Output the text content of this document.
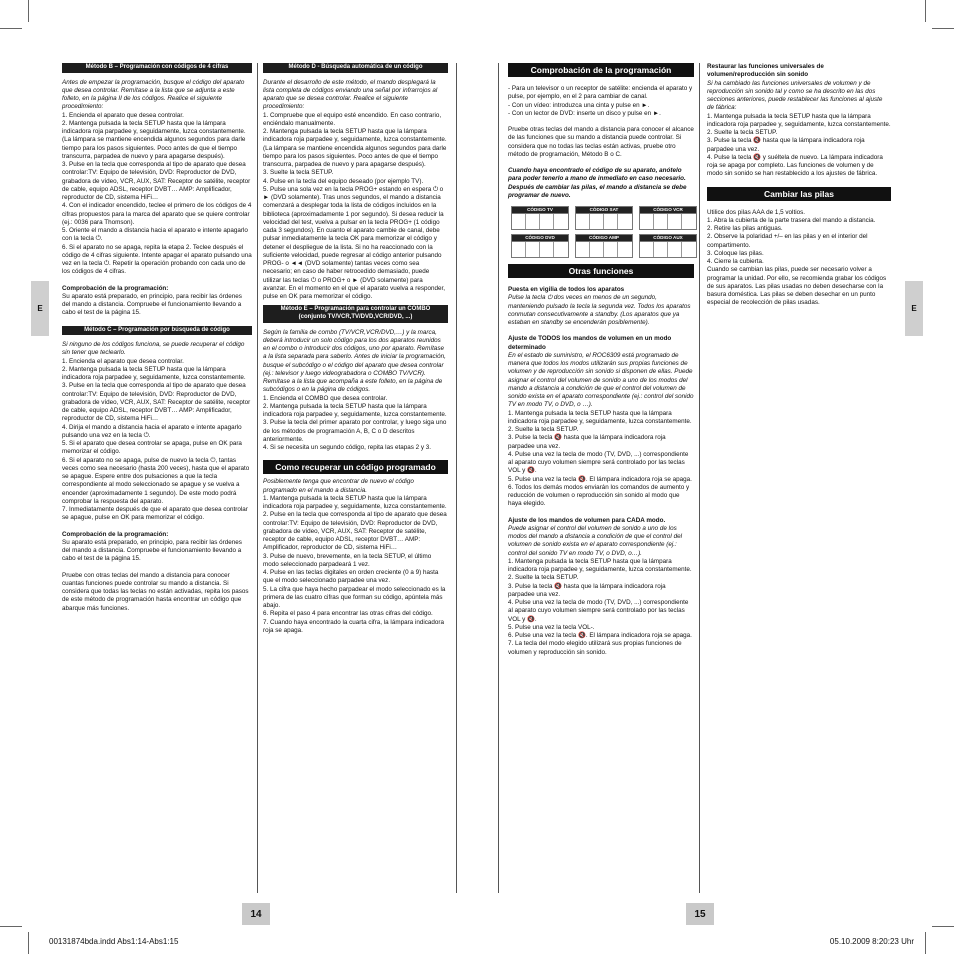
E	E
Método B – Programación con códigos de 4 cifras

Antes de empezar la programación, busque el código del aparato que desea controlar. Remítase a la lista que se adjunta a este folleto, en la página II de los códigos. Realice el siguiente procedimiento:

1. Encienda el aparato que desea controlar.

2. Mantenga pulsada la tecla SETUP hasta que la lámpara indicadora roja parpadee y, seguidamente, luzca constantemente. (La lámpara se mantiene encendida algunos segundos para darle tiempo para los pasos siguientes. Poco antes de que el tiempo transcurra, parpadea de nuevo y para apagarse después).

3. Pulse en la tecla que corresponda al tipo de aparato que desea controlar:TV: Equipo de televisión, DVD: Reproductor de DVD, grabadora de vídeo, VCR, AUX, SAT: Receptor de satélite, receptor de cable, equipo ADSL, receptor DVBT… AMP: Amplificador, reproductor de CD, sistema HiFi…

4. Con el indicador encendido, teclee el primero de los códigos de 4 cifras propuestos para la marca del aparato que se quiere controlar (ej.: 0036 para Thomson).

5. Oriente el mando a distancia hacia el aparato e intente apagarlo con la tecla ⏻.

6. Si el aparato no se apaga, repita la etapa 2. Teclee después el código de 4 cifras siguiente. Intente apagar el aparato pulsando una vez en la tecla ⏻. Repetir la operación probando con cada uno de los códigos de 4 cifras.

Comprobación de la programación:

Su aparato está preparado, en principio, para recibir las órdenes del mando a distancia. Compruebe el funcionamiento llevando a cabo el test de la página 15.

Método C – Programación por búsqueda de código

Si ninguno de los códigos funciona, se puede recuperar el código sin tener que teclearlo.

1. Encienda el aparato que desea controlar.

2. Mantenga pulsada la tecla SETUP hasta que la lámpara indicadora roja parpadee y, seguidamente, luzca constantemente.

3. Pulse en la tecla que corresponda al tipo de aparato que desea controlar:TV: Equipo de televisión, DVD: Reproductor de DVD, grabadora de vídeo, VCR, AUX, SAT: Receptor de satélite, receptor de cable, equipo ADSL, receptor DVBT… AMP: Amplificador, reproductor de CD, sistema HiFi…

4. Dirija el mando a distancia hacia el aparato e intente apagarlo pulsando una vez en la tecla ⏻.

5. Si el aparato que desea controlar se apaga, pulse en OK para memorizar el código.

6. Si el aparato no se apaga, pulse de nuevo la tecla ⏻, tantas veces como sea necesario (hasta 200 veces), hasta que el aparato se apague. Espere entre dos pulsaciones a que la tecla correspondiente al modo seleccionado se apague y se vuelva a encender (aproximadamente 1 segundo). De este modo podrá comprobar la respuesta del aparato.

7. Inmediatamente después de que el aparato que desea controlar se apague, pulse en OK para memorizar el código.

Comprobación de la programación:

Su aparato está preparado, en principio, para recibir las órdenes del mando a distancia. Compruebe el funcionamiento llevando a cabo el test de la página 15.

Pruebe con otras teclas del mando a distancia para conocer cuantas funciones puede controlar su mando a distancia. Si considera que todas las teclas no están activadas, repita los pasos de este método de programación hasta encontrar un código que abarque más funciones.

Método D - Búsqueda automática de un código

Durante el desarrollo de este método, el mando desplegará la lista completa de códigos enviando una señal por infrarrojos al aparato que se desea controlar. Realice el siguiente procedimiento:

1. Compruebe que el equipo esté encendido. En caso contrario, enciéndalo manualmente.

2. Mantenga pulsada la tecla SETUP hasta que la lámpara indicadora roja parpadee y, seguidamente, luzca constantemente. (La lámpara se mantiene encendida algunos segundos para darle tiempo para los pasos siguientes. Poco antes de que el tiempo transcurra, parpadea de nuevo y para apagarse después).

3. Suelte la tecla SETUP.

4. Pulse en la tecla del equipo deseado (por ejemplo TV).

5. Pulse una sola vez en la tecla PROG+ estando en espera ⏻ o ► (DVD solamente). Tras unos segundos, el mando a distancia comenzará a desplegar toda la lista de códigos incluidos en la biblioteca (aproximadamente 1 por segundo). Si desea reducir la velocidad del test, vuelva a pulsar en la tecla PROG+ (1 código cada 3 segundos). En cuanto el aparato cambie de canal, debe pulsar inmediatamente la tecla OK para memorizar el código y detener el despliegue de la lista. Si no ha reaccionado con la suficiente velocidad, puede regresar al código anterior pulsando PROG- o ◄◄ (DVD solamente) tantas veces como sea necesario; en caso de haber retrocedido demasiado, puede utilizar las teclas ⏻ o PROG+ o ► (DVD solamente) para avanzar. En el momento en el que el aparato vuelva a responder, pulse en OK para memorizar el código.

Método E – Programación para controlar un COMBO (conjunto TV/VCR,TV/DVD,VCR/DVD, ...)

Según la familia de combo (TV/VCR,VCR/DVD,…) y la marca, deberá introducir un solo código para los dos aparatos reunidos en el combo o introducir dos códigos, uno por aparato. Remítase a la lista separada para saberlo. Antes de iniciar la programación, busque el subcódigo o el código del aparato que desea controlar (ej.: televisor y luego videograbadora o COMBO TV/VCR). Remítase a la lista que acompaña a este folleto, en la página de subcódigos o en la página de códigos.

1. Encienda el COMBO que desea controlar.

2. Mantenga pulsada la tecla SETUP hasta que la lámpara indicadora roja parpadee y, seguidamente, luzca constantemente.

3. Pulse la tecla del primer aparato por controlar, y luego siga uno de los métodos de programación A, B, C o D descritos anteriormente.

4. Si se necesita un segundo código, repita las etapas 2 y 3.

Como recuperar un código programado

Posiblemente tenga que encontrar de nuevo el código programado en el mando a distancia.

1. Mantenga pulsada la tecla SETUP hasta que la lámpara indicadora roja parpadee y, seguidamente, luzca constantemente.

2. Pulse en la tecla que corresponda al tipo de aparato que desea controlar:TV: Equipo de televisión, DVD: Reproductor de DVD, grabadora de vídeo, VCR, AUX, SAT: Receptor de satélite, receptor de cable, equipo ADSL, receptor DVBT… AMP: Amplificador, reproductor de CD, sistema HiFi…

3. Pulse de nuevo, brevemente, en la tecla SETUP, el último modo seleccionado parpadeará 1 vez.

4. Pulse en las teclas digitales en orden creciente (0 a 9) hasta que el modo seleccionado parpadee una vez.

5. La cifra que haya hecho parpadear el modo seleccionado es la primera de las cuatro cifras que forman su código, apúntela más abajo.

6. Repita el paso 4 para encontrar las otras cifras del código.

7. Cuando haya encontrado la cuarta cifra, la lámpara indicadora roja se apaga.

Comprobación de la programación

- Para un televisor o un receptor de satélite: encienda el aparato y pulse, por ejemplo, en el 2 para cambiar de canal.

- Con un vídeo: introduzca una cinta y pulse en ►.

- Con un lector de DVD: inserte un disco y pulse en ►.

Pruebe otras teclas del mando a distancia para conocer el alcance de las funciones que su mando a distancia puede controlar. Si considera que no todas las teclas están activas, pruebe otro método de programación, Método B o C.

Cuando haya encontrado el código de su aparato, anótelo para poder tenerlo a mano de inmediato en caso necesario. Después de cambiar las pilas, el mando a distancia se debe programar de nuevo.

CÓDIGO TV	CÓDIGO SAT	CÓDIGO VCR
CÓDIGO DVD	CÓDIGO AMP	CÓDIGO AUX
Otras funciones

Puesta en vigilia de todos los aparatos

Pulse la tecla ⏻ dos veces en menos de un segundo, manteniendo pulsado la tecla la segunda vez. Todos los aparatos conmutan consecutivamente a standby. (Los aparatos que ya estaban en standby se encenderán posiblemente).

Ajuste de TODOS los mandos de volumen en un modo determinado

En el estado de suministro, el ROC6309 está programado de manera que todos los modos utilizarán sus propias funciones de volumen y de reproducción sin sonido si disponen de ellas. Puede asignar el control del volumen de sonido a uno de los modos del mando a distancia a condición de que el control del volumen de sonido exista en el aparato correspondiente (ej.: control del sonido TV en modo TV, o DVD, o …).

1. Mantenga pulsada la tecla SETUP hasta que la lámpara indicadora roja parpadee y, seguidamente, luzca constantemente.

2. Suelte la tecla SETUP.

3. Pulse la tecla 🔇 hasta que la lámpara indicadora roja parpadee una vez.

4. Pulse una vez la tecla de modo (TV, DVD, ...) correspondiente al aparato cuyo volumen siempre será controlado por las teclas VOL y 🔇.

5. Pulse una vez la tecla 🔇. El lámpara indicadora roja se apaga.

6. Todos los demás modos enviarán los comandos de aumento y reducción de volumen o reproducción sin sonido al modo que haya elegido.

Ajuste de los mandos de volumen para CADA modo.

Puede asignar el control del volumen de sonido a uno de los modos del mando a distancia a condición de que el control del volumen de sonido exista en el aparato correspondiente (ej.: control del sonido TV en modo TV, o DVD, o…).

1. Mantenga pulsada la tecla SETUP hasta que la lámpara indicadora roja parpadee y, seguidamente, luzca constantemente.

2. Suelte la tecla SETUP.

3. Pulse la tecla 🔇 hasta que la lámpara indicadora roja parpadee una vez.

4. Pulse una vez la tecla de modo (TV, DVD, ...) correspondiente al aparato cuyo volumen siempre será controlado por las teclas VOL y 🔇.

5. Pulse una vez la tecla VOL-.

6. Pulse una vez la tecla 🔇. El lámpara indicadora roja se apaga.

7. La tecla del modo elegido utilizará sus propias funciones de volumen y reproducción sin sonido.

Restaurar las funciones universales de volumen/reproducción sin sonido

Si ha cambiado las funciones universales de volumen y de reproducción sin sonido tal y como se ha descrito en las dos secciones anteriores, puede restablecer las funciones al ajuste de fábrica:

1. Mantenga pulsada la tecla SETUP hasta que la lámpara indicadora roja parpadee y, seguidamente, luzca constantemente.

2. Suelte la tecla SETUP.

3. Pulse la tecla 🔇 hasta que la lámpara indicadora roja parpadee una vez.

4. Pulse la tecla 🔇 y suéltela de nuevo. La lámpara indicadora roja se apaga por completo. Las funciones de volumen y de modo sin sonido se han restablecido a los ajustes de fábrica.

Cambiar las pilas

Utilice dos pilas AAA de 1,5 voltios.

1. Abra la cubierta de la parte trasera del mando a distancia.

2. Retire las pilas antiguas.

2. Observe la polaridad +/– en las pilas y en el interior del compartimento.

3. Coloque las pilas.

4. Cierre la cubierta.

Cuando se cambian las pilas, puede ser necesario volver a programar la unidad. Por ello, se recomienda grabar los códigos de sus aparatos. Las pilas usadas no deben desecharse con la basura doméstica. Las pilas se deben desechar en un punto especial de recolección de pilas usadas.

14	15
00131874bda.indd Abs1:14-Abs1:15	05.10.2009 8:20:23 Uhr
